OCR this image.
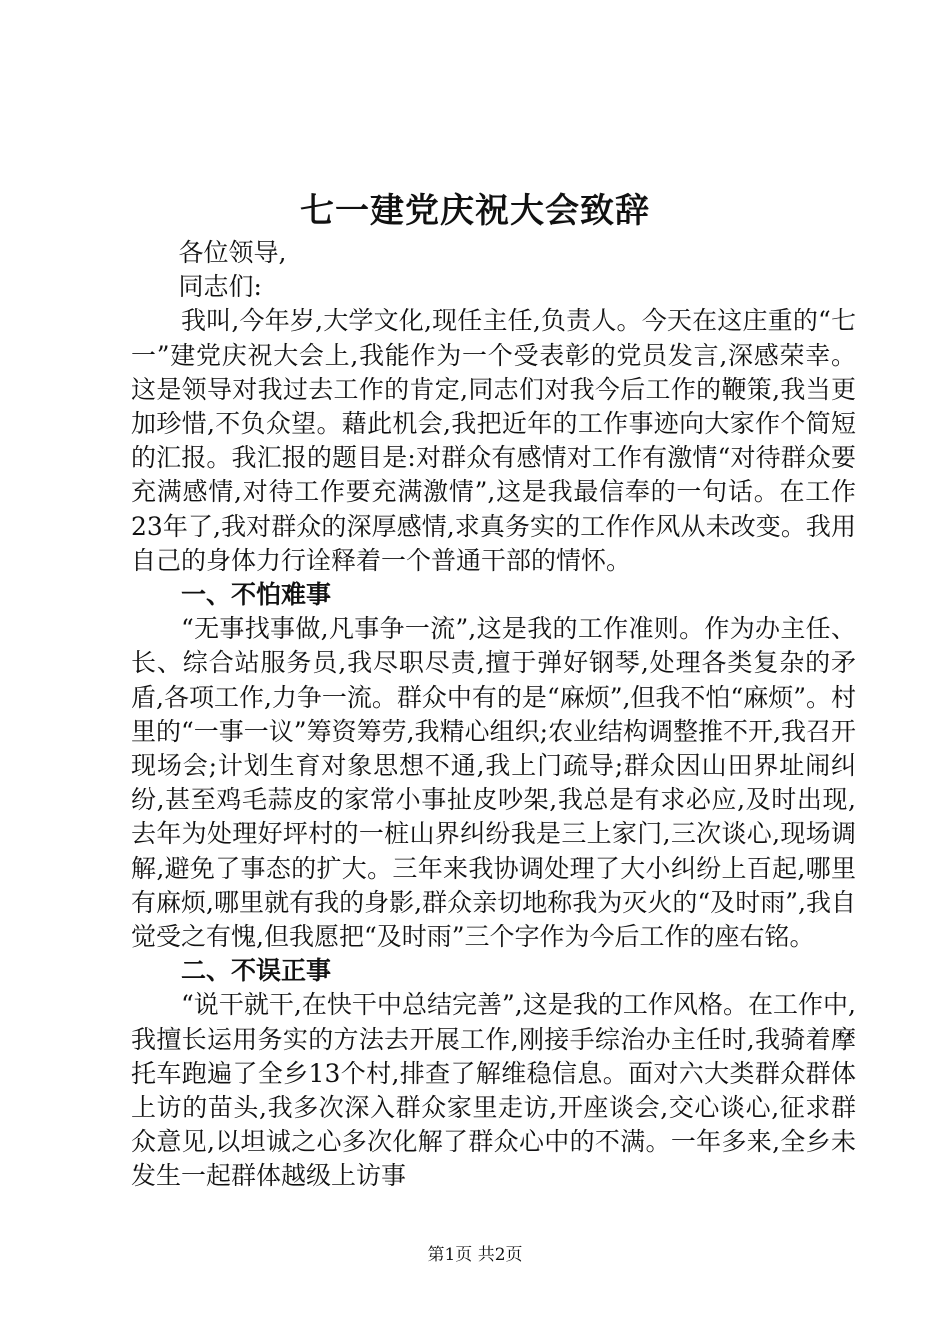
七一建党庆祝大会致辞

各位领导,

同志们:

我叫,今年岁,大学文化,现任主任,负责人。今天在这庄重的“七一”建党庆祝大会上,我能作为一个受表彰的党员发言,深感荣幸。这是领导对我过去工作的肯定,同志们对我今后工作的鞭策,我当更加珍惜,不负众望。藉此机会,我把近年的工作事迹向大家作个简短的汇报。我汇报的题目是:对群众有感情对工作有激情“对待群众要充满感情,对待工作要充满激情”,这是我最信奉的一句话。在工作23年了,我对群众的深厚感情,求真务实的工作作风从未改变。我用自己的身体力行诠释着一个普通干部的情怀。

一、不怕难事

“无事找事做,凡事争一流”,这是我的工作准则。作为办主任、长、综合站服务员,我尽职尽责,擅于弹好钢琴,处理各类复杂的矛盾,各项工作,力争一流。群众中有的是“麻烦”,但我不怕“麻烦”。村里的“一事一议”筹资筹劳,我精心组织;农业结构调整推不开,我召开现场会;计划生育对象思想不通,我上门疏导;群众因山田界址闹纠纷,甚至鸡毛蒜皮的家常小事扯皮吵架,我总是有求必应,及时出现,去年为处理好坪村的一桩山界纠纷我是三上家门,三次谈心,现场调解,避免了事态的扩大。三年来我协调处理了大小纠纷上百起,哪里有麻烦,哪里就有我的身影,群众亲切地称我为灭火的“及时雨”,我自觉受之有愧,但我愿把“及时雨”三个字作为今后工作的座右铭。

二、不误正事

“说干就干,在快干中总结完善”,这是我的工作风格。在工作中,我擅长运用务实的方法去开展工作,刚接手综治办主任时,我骑着摩托车跑遍了全乡13个村,排查了解维稳信息。面对六大类群众群体上访的苗头,我多次深入群众家里走访,开座谈会,交心谈心,征求群众意见,以坦诚之心多次化解了群众心中的不满。一年多来,全乡未发生一起群体越级上访事

第1页 共2页
